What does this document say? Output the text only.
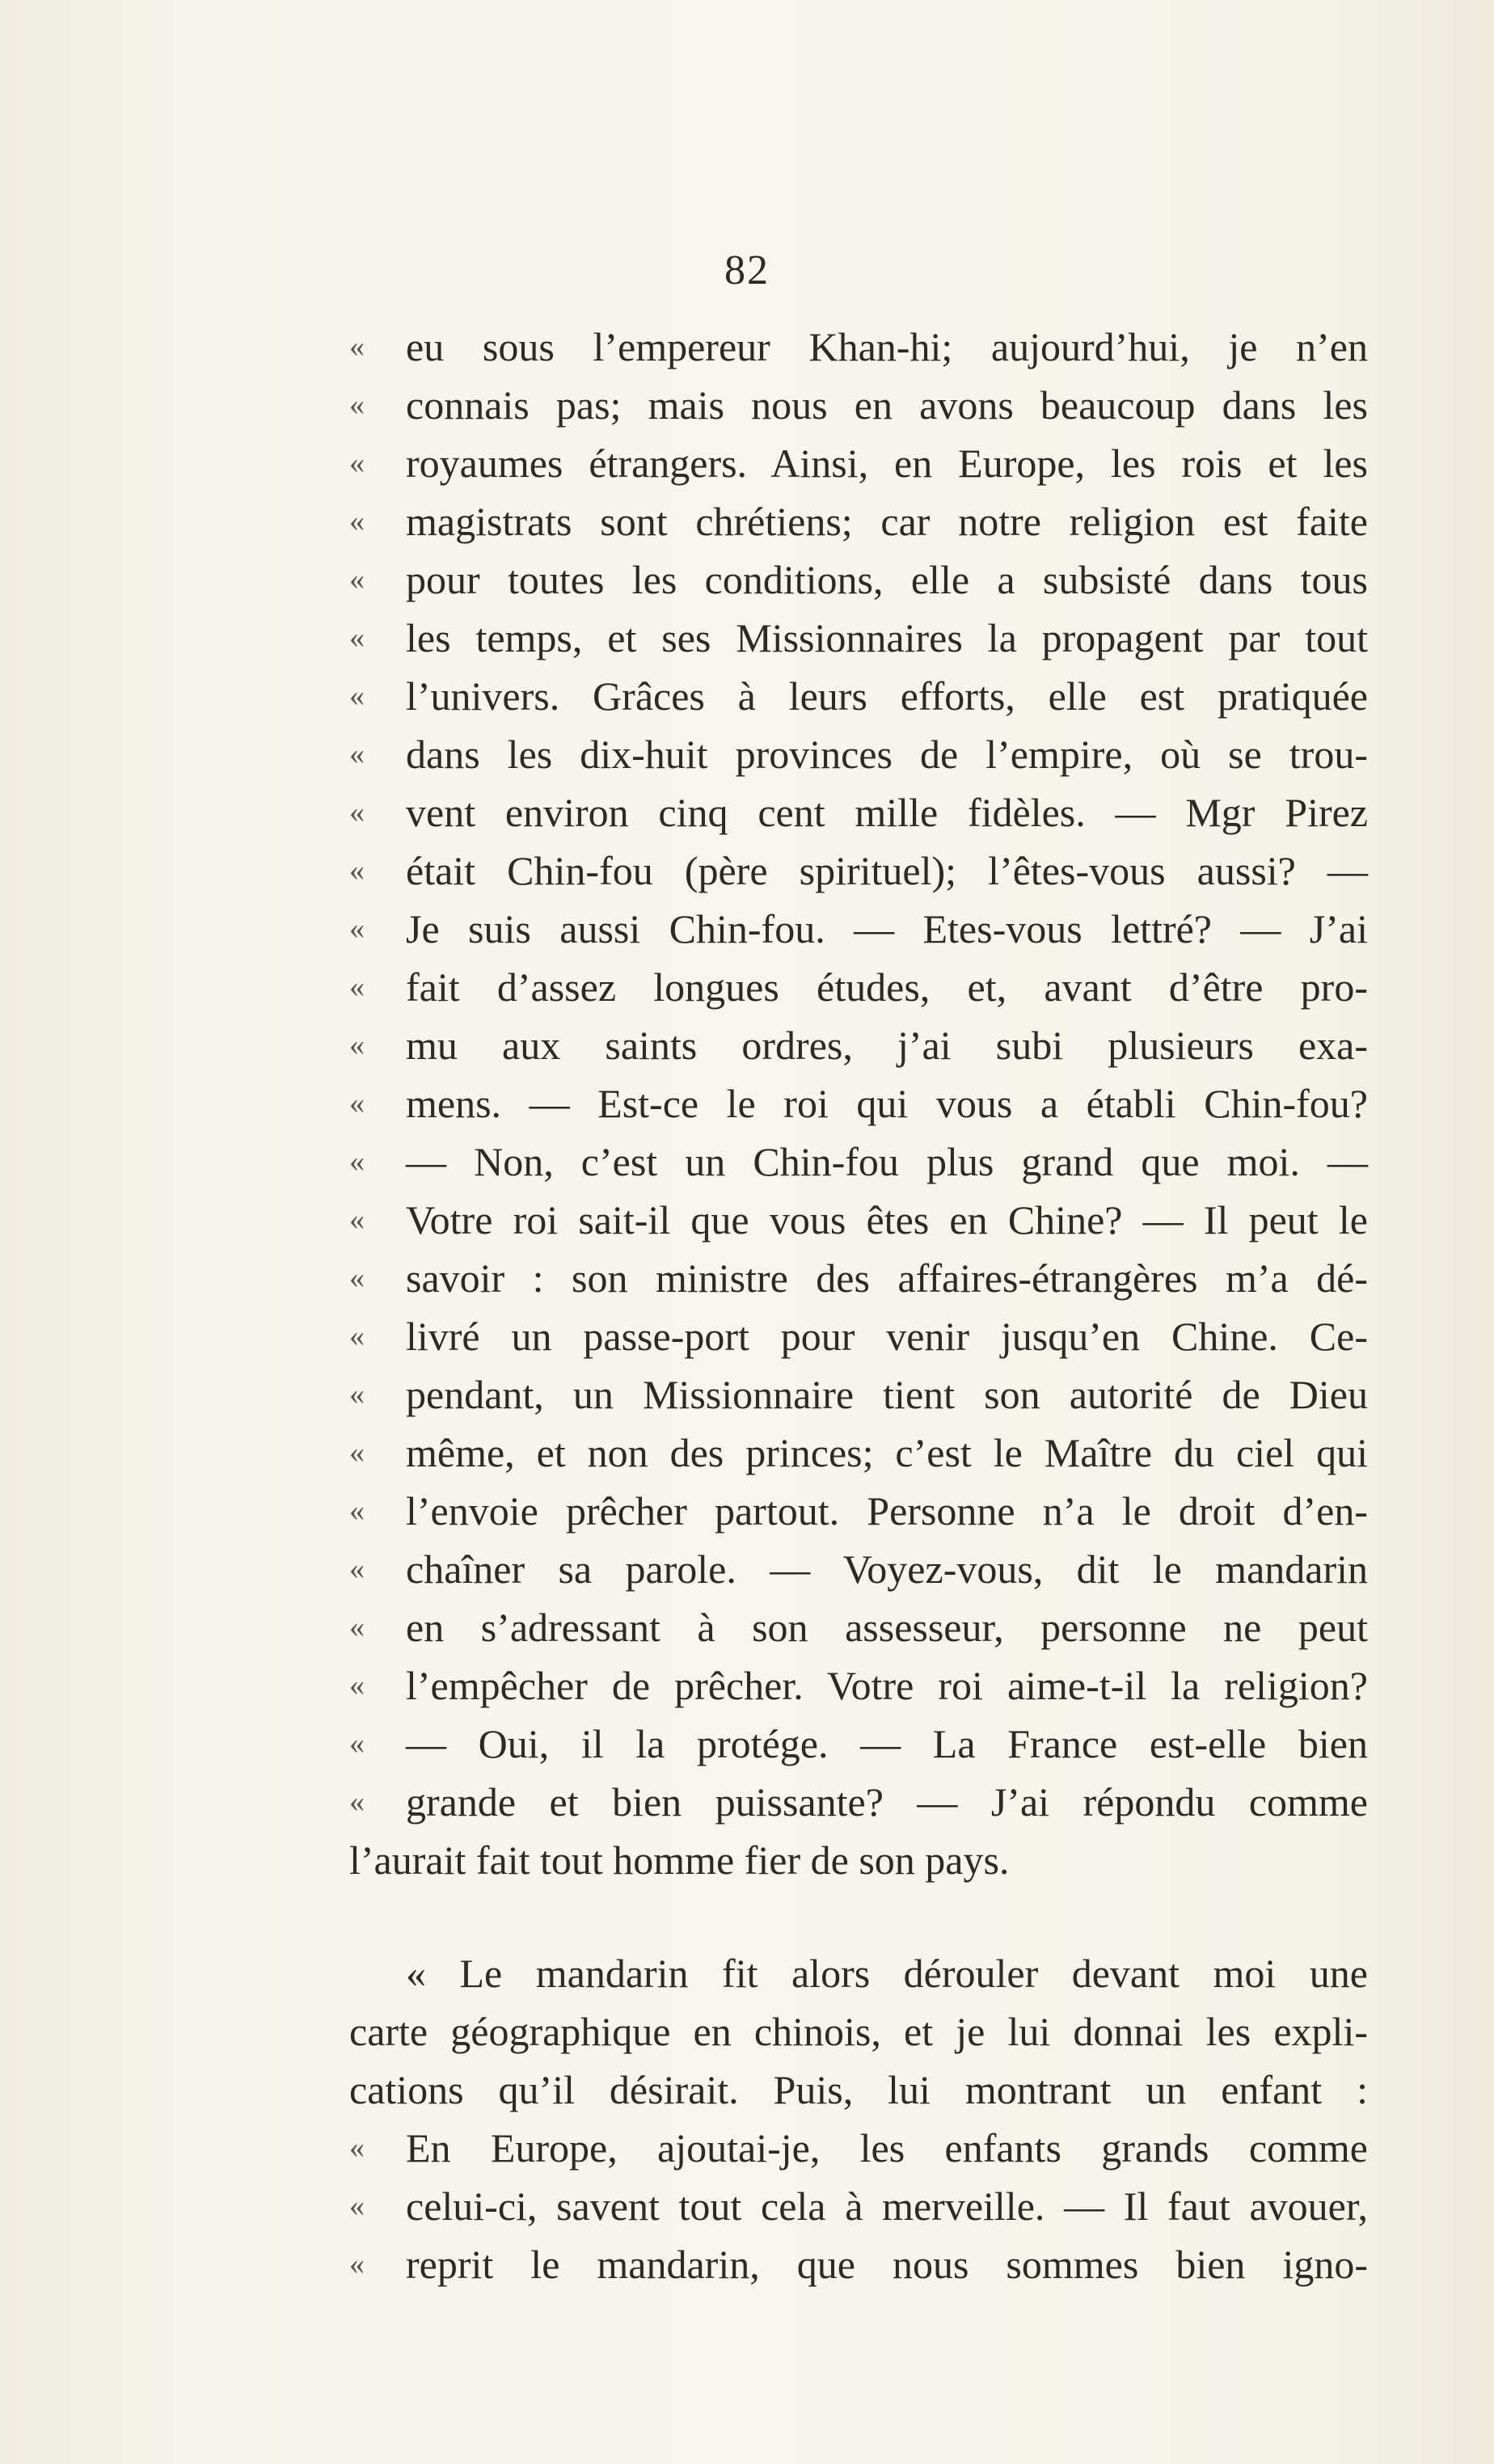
82
«	eu sous l’empereur Khan-hi; aujourd’hui, je n’en
«	connais pas; mais nous en avons beaucoup dans les
«	royaumes étrangers. Ainsi, en Europe, les rois et les
«	magistrats sont chrétiens; car notre religion est faite
«	pour toutes les conditions, elle a subsisté dans tous
«	les temps, et ses Missionnaires la propagent par tout
«	l’univers. Grâces à leurs efforts, elle est pratiquée
«	dans les dix-huit provinces de l’empire, où se trou-
«	vent environ cinq cent mille fidèles. — Mgr Pirez
«	était Chin-fou (père spirituel); l’êtes-vous aussi? —
«	Je suis aussi Chin-fou. — Etes-vous lettré? — J’ai
«	fait d’assez longues études, et, avant d’être pro-
«	mu aux saints ordres, j’ai subi plusieurs exa-
«	mens. — Est-ce le roi qui vous a établi Chin-fou?
«	— Non, c’est un Chin-fou plus grand que moi. —
«	Votre roi sait-il que vous êtes en Chine? — Il peut le
«	savoir : son ministre des affaires-étrangères m’a dé-
«	livré un passe-port pour venir jusqu’en Chine. Ce-
«	pendant, un Missionnaire tient son autorité de Dieu
«	même, et non des princes; c’est le Maître du ciel qui
«	l’envoie prêcher partout. Personne n’a le droit d’en-
«	chaîner sa parole. — Voyez-vous, dit le mandarin
«	en s’adressant à son assesseur, personne ne peut
«	l’empêcher de prêcher. Votre roi aime-t-il la religion?
«	— Oui, il la protége. — La France est-elle bien
«	grande et bien puissante? — J’ai répondu comme
l’aurait fait tout homme fier de son pays.
« Le mandarin fit alors dérouler devant moi une
carte géographique en chinois, et je lui donnai les expli-
cations qu’il désirait. Puis, lui montrant un enfant :
«	En Europe, ajoutai-je, les enfants grands comme
«	celui-ci, savent tout cela à merveille. — Il faut avouer,
«	reprit le mandarin, que nous sommes bien igno-
